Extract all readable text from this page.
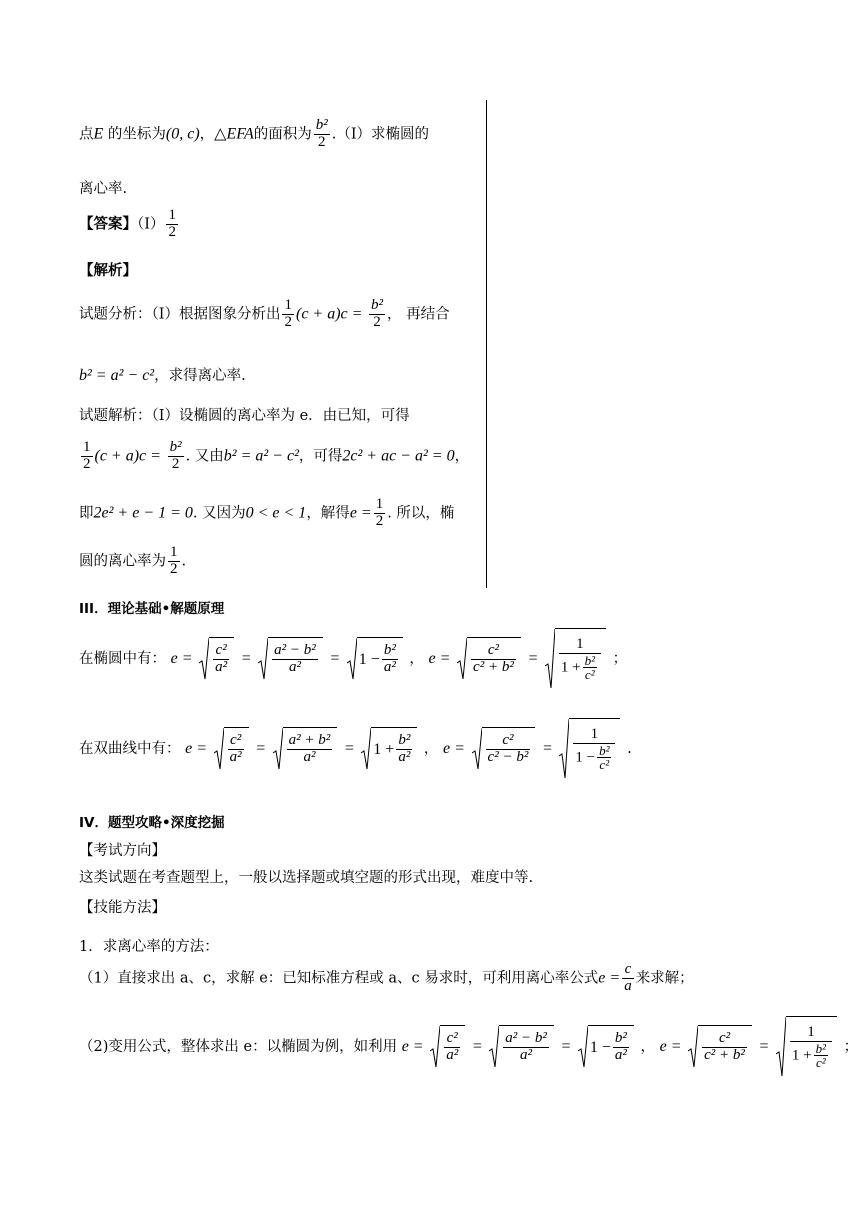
点E 的坐标为(0, c)，△EFA的面积为 $\frac{\text{b²}}{2} .(I)$求椭圆的
离心率.
【答案】（Ⅰ） $\frac{1}{2}$
【解析】
试题分析：（Ⅰ）根据图象分析出 $\frac{1}{2} (c + a)c = \frac{\text{b²}}{2}$ ， 再结合
b² = a² − c²，求得离心率.
试题解析：（Ⅰ）设椭圆的离心率为 e．由已知，可得
$\frac{1}{2} (c + a)c = \frac{\text{b²}}{2}$ . 又由b² = a² − c²，可得2c² + ac − a² = 0，
即2e² + e − 1 = 0. 又因为0 < e < 1，解得$e = \frac{1}{2}$ . 所以，椭
圆的离心率为 $\frac{1}{2}$ .
III．理论基础•解题原理
在椭圆中有： $e = \frac{\text{c²}}{\text{a²}} = \frac{\text{a² − b²}}{\text{a²}} = 1 - \frac{\text{b²}}{\text{a²}}$ ， $e = \frac{\text{c²}}{\text{c² + b²}} = \frac{1}{1 + \frac{\text{b²}}{\text{c²}}}$ ；
在双曲线中有： $e = \frac{\text{c²}}{\text{a²}} = \frac{\text{a² + b²}}{\text{a²}} = 1 + \frac{\text{b²}}{\text{a²}}$ ， $e = \frac{\text{c²}}{\text{c² − b²}} = \frac{1}{1 - \frac{\text{b²}}{\text{c²}}}$ .
IV．题型攻略•深度挖掘
【考试方向】
这类试题在考查题型上，一般以选择题或填空题的形式出现，难度中等.
【技能方法】
1．求离心率的方法：
（1）直接求出 a、c，求解 e：已知标准方程或 a、c 易求时，可利用离心率公式$e = \frac{c}{a}$ 来求解；
（2)变用公式，整体求出 e：以椭圆为例，如利用 $e = \frac{\text{c²}}{\text{a²}} = \frac{\text{a² − b²}}{\text{a²}} = 1 - \frac{\text{b²}}{\text{a²}}$ ， $e = \frac{\text{c²}}{\text{c² + b²}} = \frac{1}{1 + \frac{\text{b²}}{\text{c²}}}$ ；
